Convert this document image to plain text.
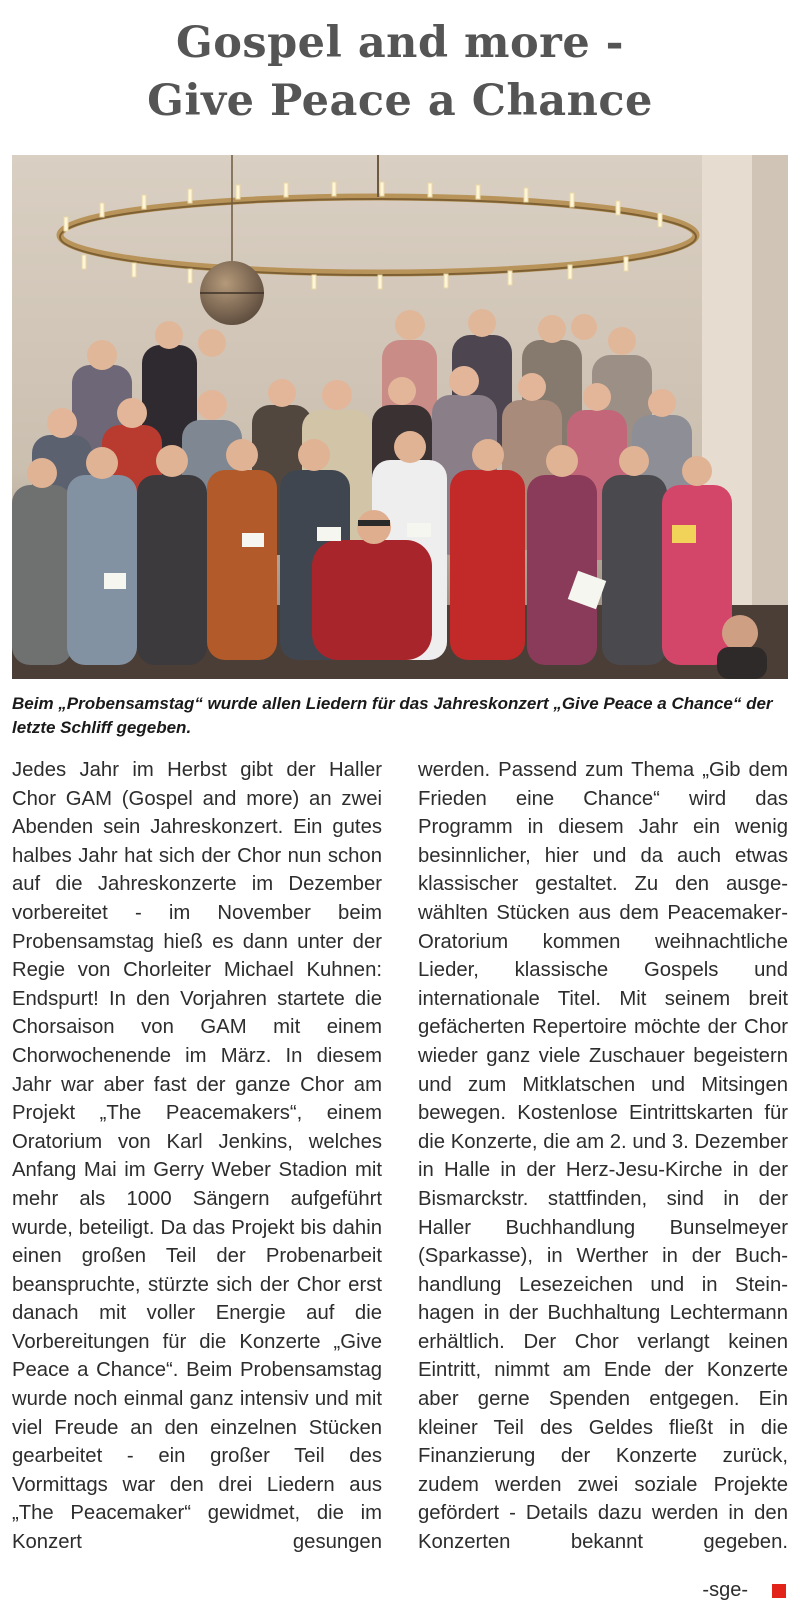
Gospel and more -
Give Peace a Chance

Beim „Probensamstag“ wurde allen Liedern für das Jahreskonzert „Give Peace a Chance“ der letzte Schliff gegeben.

Jedes Jahr im Herbst gibt der Haller Chor GAM (Gospel and more) an zwei Abenden sein Jahreskonzert. Ein gutes halbes Jahr hat sich der Chor nun schon auf die Jahreskonzerte im Dezember vorbereitet - im November beim Probensamstag hieß es dann unter der Regie von Chorleiter Michael Kuhnen: Endspurt! In den Vorjahren startete die Chorsaison von GAM mit einem Chorwochenende im März. In diesem Jahr war aber fast der ganze Chor am Projekt „The Peacemakers“, einem Oratorium von Karl Jenkins, welches Anfang Mai im Gerry Weber Stadion mit mehr als 1000 Sängern aufgeführt wurde, beteiligt. Da das Projekt bis dahin einen großen Teil der Probenarbeit beanspruchte, stürzte sich der Chor erst danach mit voller Energie auf die Vorbereitungen für die Konzerte „Give Peace a Chance“. Beim Probensamstag wurde noch einmal ganz intensiv und mit viel Freude an den einzelnen Stücken gearbeitet - ein großer Teil des Vormittags war den drei Liedern aus „The Peacemaker“ gewidmet, die im Konzert gesungen

werden. Passend zum Thema „Gib dem Frieden eine Chance“ wird das Programm in diesem Jahr ein wenig besinnlicher, hier und da auch etwas klassischer gestaltet. Zu den ausgewählten Stücken aus dem Peacemaker-Oratorium kommen weihnachtliche Lieder, klassische Gospels und internationale Titel. Mit seinem breit gefächerten Repertoire möchte der Chor wieder ganz viele Zuschauer begeistern und zum Mitklatschen und Mitsingen bewegen. Kostenlose Eintrittskarten für die Konzerte, die am 2. und 3. Dezember in Halle in der Herz-Jesu-Kirche in der Bismarckstr. stattfinden, sind in der Haller Buchhandlung Bunselmeyer (Sparkasse), in Werther in der Buchhandlung Lesezeichen und in Steinhagen in der Buchhaltung Lechtermann erhältlich. Der Chor verlangt keinen Eintritt, nimmt am Ende der Konzerte aber gerne Spenden entgegen. Ein kleiner Teil des Geldes fließt in die Finanzierung der Konzerte zurück, zudem werden zwei soziale Projekte gefördert - Details dazu werden in den Konzerten bekannt gegeben.

-sge-
